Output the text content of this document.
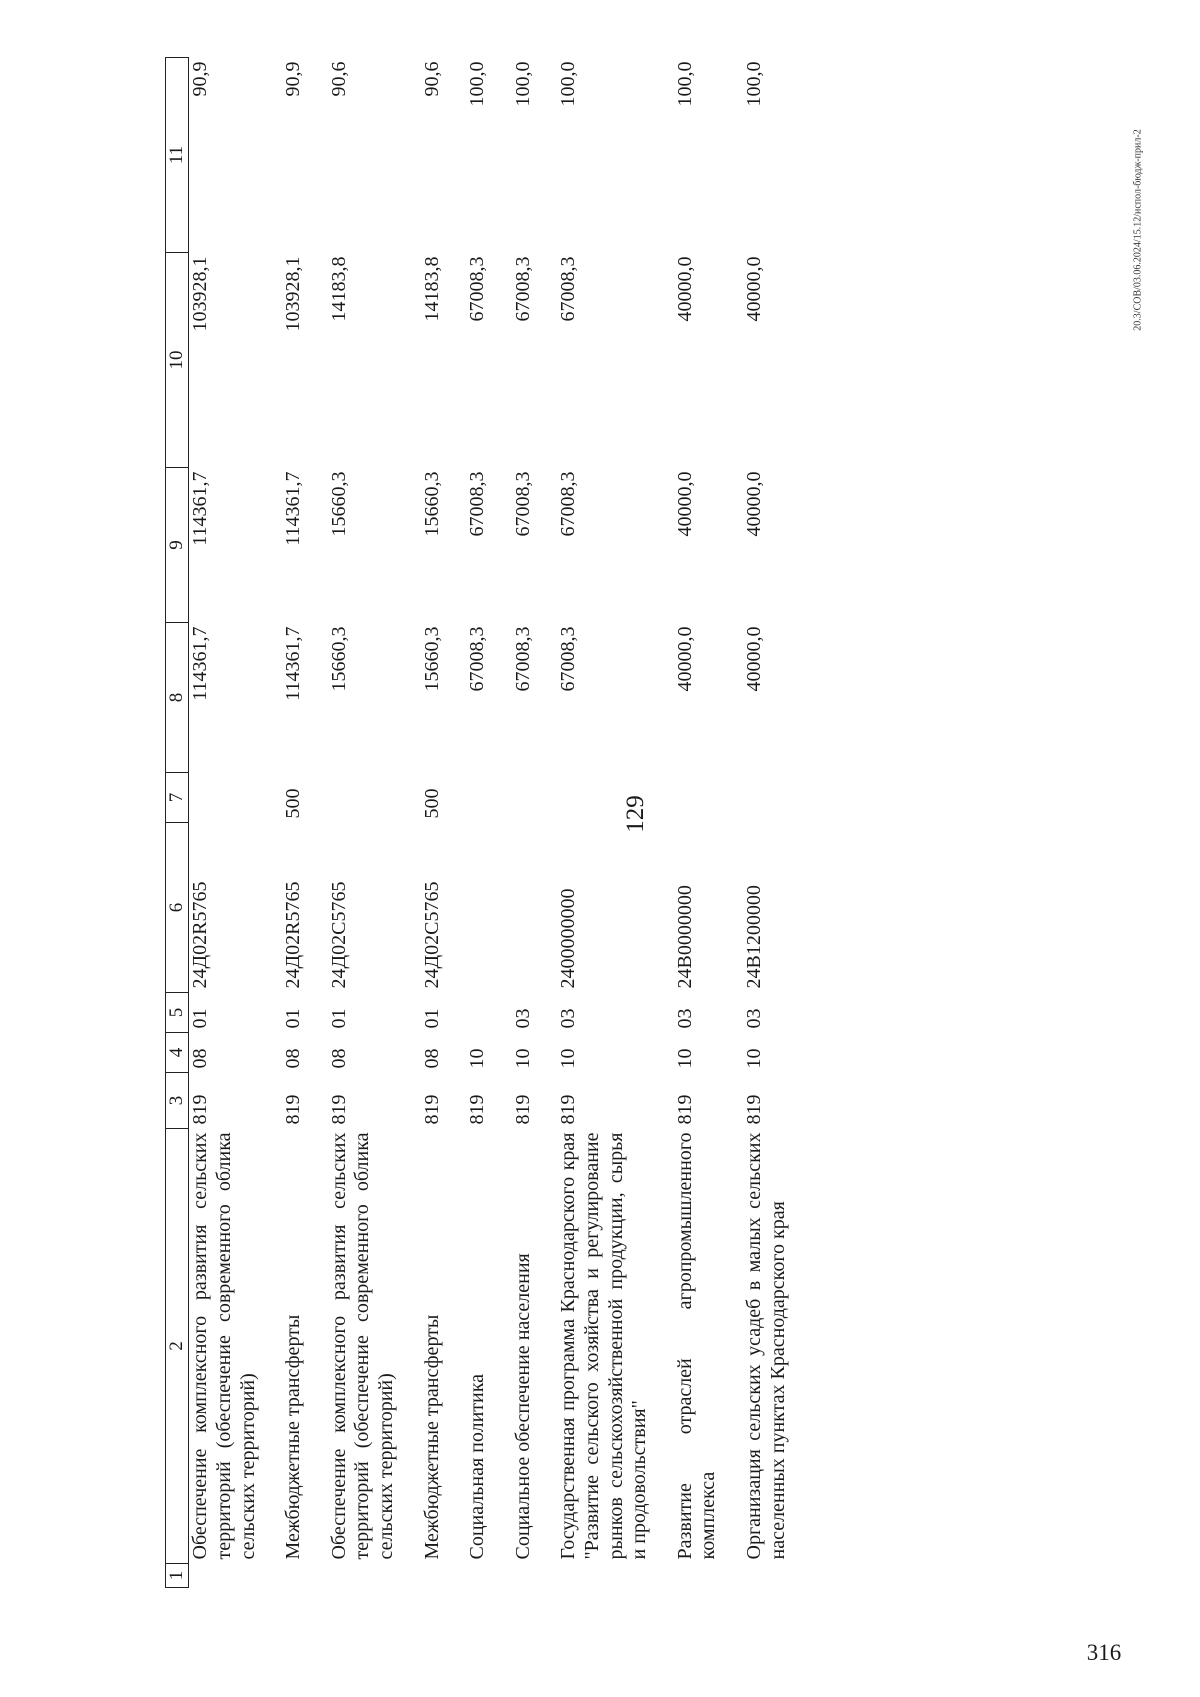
129
20.3/СОВ/03.06.2024/15.12/испол-бюдж-прил-2
316
1	2	3	4	5	6	7	8	9	10	11
	Обеспечение комплексного развития сельских территорий (обеспечение современного облика сельских территорий)	819	08	01	24Д02R5765		114361,7	114361,7	103928,1	90,9
	Межбюджетные трансферты	819	08	01	24Д02R5765	500	114361,7	114361,7	103928,1	90,9
	Обеспечение комплексного развития сельских территорий (обеспечение современного облика сельских территорий)	819	08	01	24Д02С5765		15660,3	15660,3	14183,8	90,6
	Межбюджетные трансферты	819	08	01	24Д02С5765	500	15660,3	15660,3	14183,8	90,6
	Социальная политика	819	10				67008,3	67008,3	67008,3	100,0
	Социальное обеспечение населения	819	10	03			67008,3	67008,3	67008,3	100,0
	Государственная программа Краснодарского края "Развитие сельского хозяйства и регулирование рынков сельскохозяйственной продукции, сырья и продовольствия"	819	10	03	2400000000		67008,3	67008,3	67008,3	100,0
	Развитие отраслей агропромышленного комплекса	819	10	03	24В0000000		40000,0	40000,0	40000,0	100,0
	Организация сельских усадеб в малых сельских населенных пунктах Краснодарского края	819	10	03	24В1200000		40000,0	40000,0	40000,0	100,0
